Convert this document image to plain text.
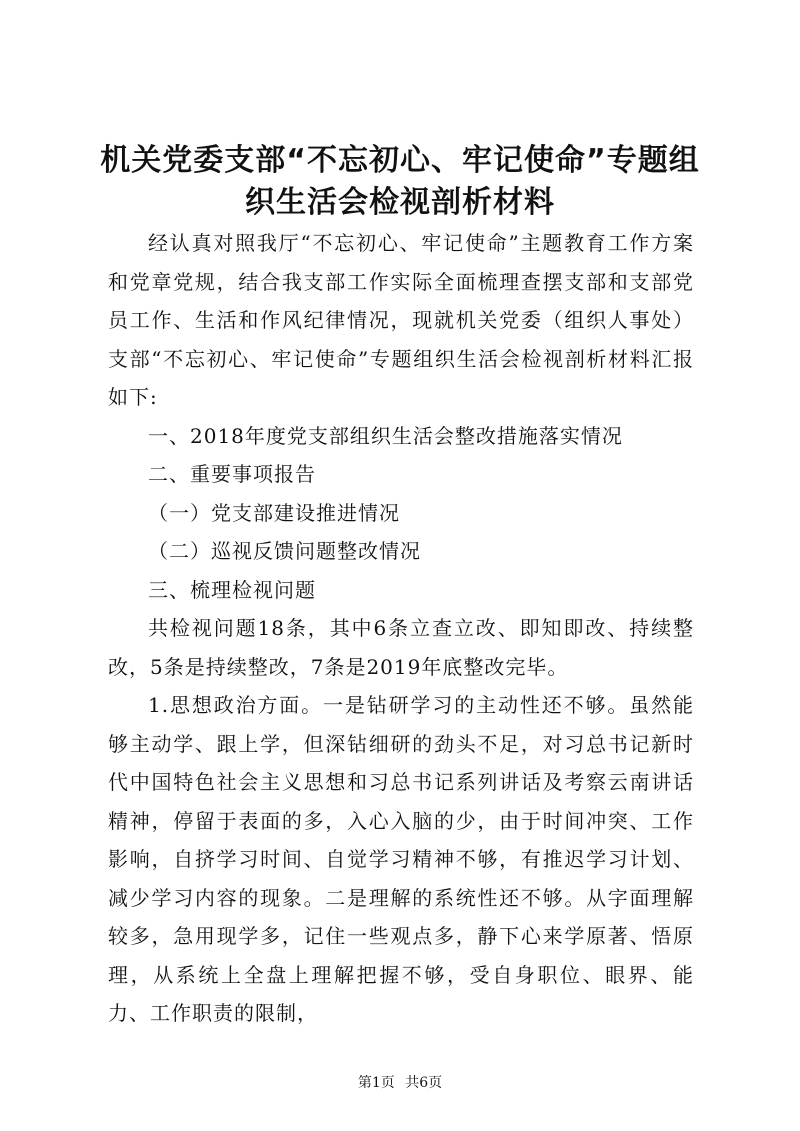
机关党委支部“不忘初心、牢记使命”专题组织生活会检视剖析材料

经认真对照我厅“不忘初心、牢记使命”主题教育工作方案和党章党规，结合我支部工作实际全面梳理查摆支部和支部党员工作、生活和作风纪律情况，现就机关党委（组织人事处）支部“不忘初心、牢记使命”专题组织生活会检视剖析材料汇报如下:

一、2018年度党支部组织生活会整改措施落实情况

二、重要事项报告

（一）党支部建设推进情况

（二）巡视反馈问题整改情况

三、梳理检视问题

共检视问题18条，其中6条立查立改、即知即改、持续整改，5条是持续整改，7条是2019年底整改完毕。

1.思想政治方面。一是钻研学习的主动性还不够。虽然能够主动学、跟上学，但深钻细研的劲头不足，对习总书记新时代中国特色社会主义思想和习总书记系列讲话及考察云南讲话精神，停留于表面的多，入心入脑的少，由于时间冲突、工作影响，自挤学习时间、自觉学习精神不够，有推迟学习计划、减少学习内容的现象。二是理解的系统性还不够。从字面理解较多，急用现学多，记住一些观点多，静下心来学原著、悟原理，从系统上全盘上理解把握不够，受自身职位、眼界、能力、工作职责的限制，

第1页 共6页
